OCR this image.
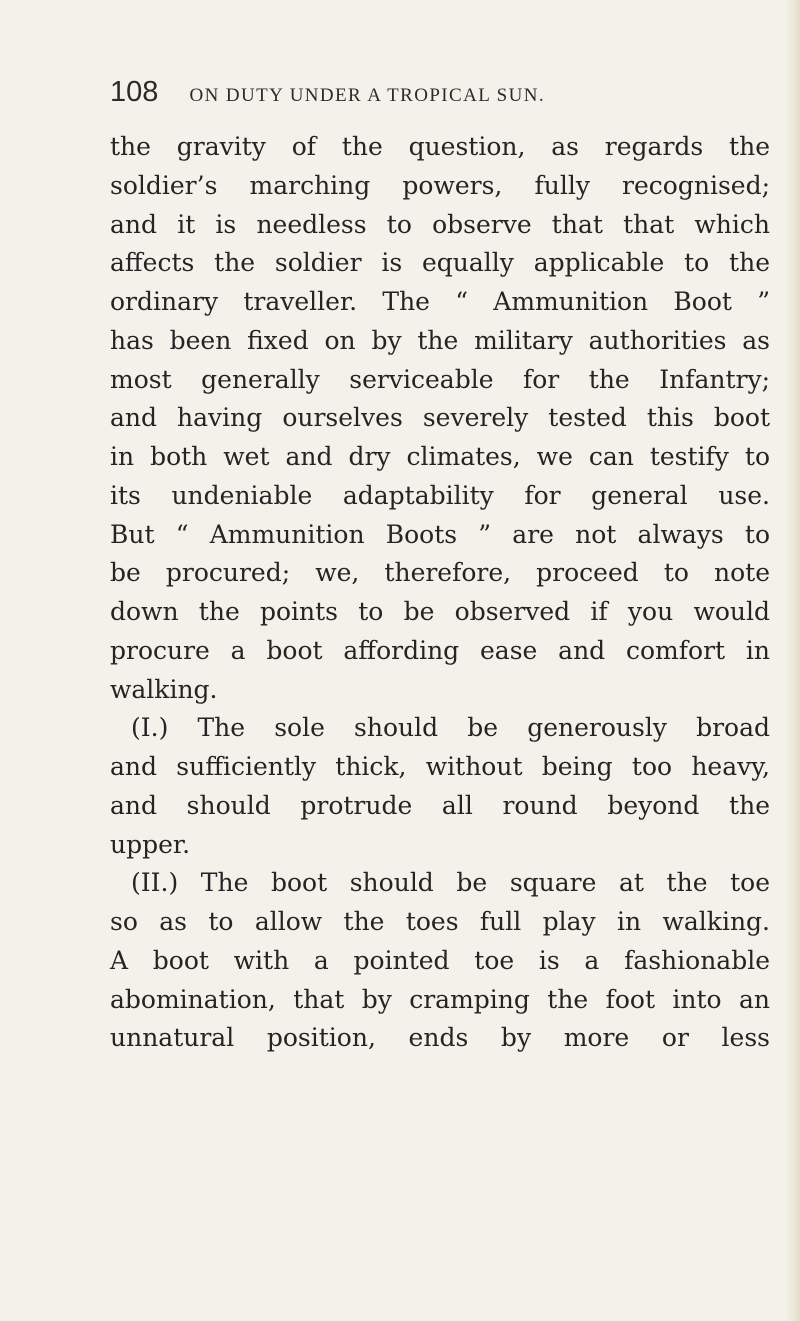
108 ON DUTY UNDER A TROPICAL SUN.
the gravity of the question, as regards the
soldier’s marching powers, fully recognised;
and it is needless to observe that that which
affects the soldier is equally applicable to the
ordinary traveller. The “ Ammunition Boot ”
has been fixed on by the military authorities as
most generally serviceable for the Infantry;
and having ourselves severely tested this boot
in both wet and dry climates, we can testify to
its undeniable adaptability for general use.
But “ Ammunition Boots ” are not always to
be procured; we, therefore, proceed to note
down the points to be observed if you would
procure a boot affording ease and comfort in
walking.
(I.) The sole should be generously broad
and sufficiently thick, without being too heavy,
and should protrude all round beyond the
upper.
(II.) The boot should be square at the toe
so as to allow the toes full play in walking.
A boot with a pointed toe is a fashionable
abomination, that by cramping the foot into an
unnatural position, ends by more or less
